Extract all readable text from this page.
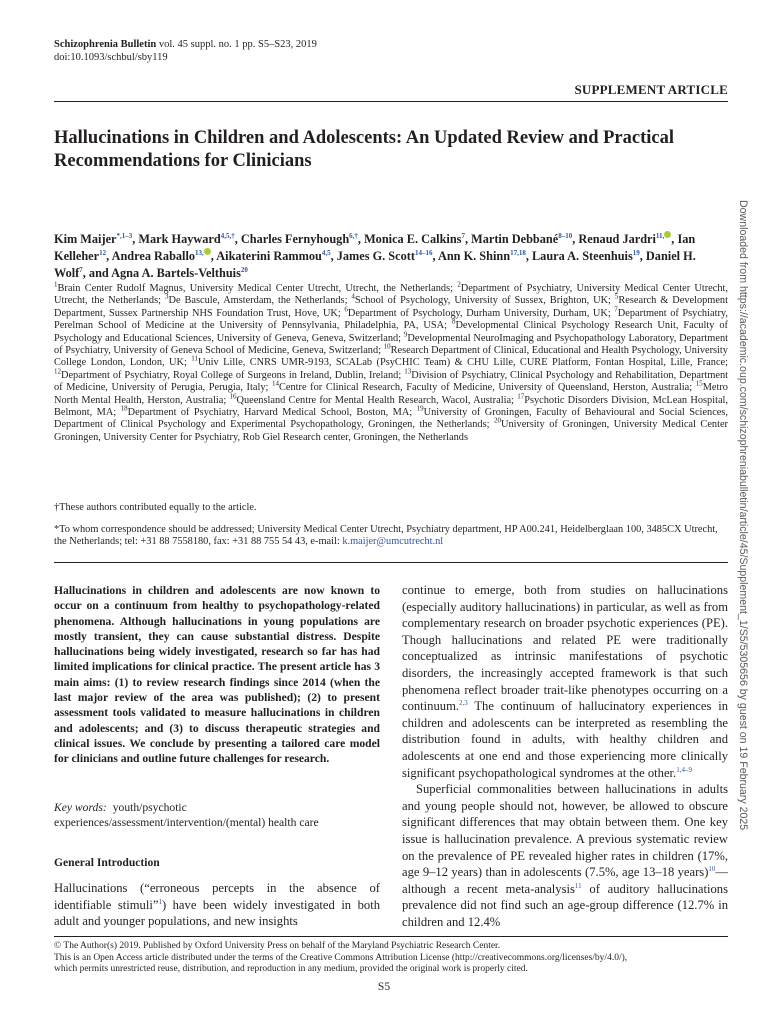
Schizophrenia Bulletin vol. 45 suppl. no. 1 pp. S5–S23, 2019
doi:10.1093/schbul/sby119
SUPPLEMENT ARTICLE
Hallucinations in Children and Adolescents: An Updated Review and Practical
Recommendations for Clinicians
Kim Maijer$^{*,1-3}$, Mark Hayward$^{4,5,\dagger}$, Charles Fernyhough$^{6,\dagger}$, Monica E. Calkins$^7$, Martin Debbané$^{8-10}$, Renaud Jardri$^{11,}$ , Ian Kelleher$^{12}$, Andrea Raballo$^{13,}$ , Aikaterini Rammou$^{4,5}$, James G. Scott$^{14-16}$, Ann K. Shinn$^{17,18}$, Laura A. Steenhuis$^{19}$, Daniel H. Wolf$^7$, and Agna A. Bartels-Velthuis$^{20}$
$^1$Brain Center Rudolf Magnus, University Medical Center Utrecht, Utrecht, the Netherlands; $^2$Department of Psychiatry, University Medical Center Utrecht, Utrecht, the Netherlands; $^3$De Bascule, Amsterdam, the Netherlands; $^4$School of Psychology, University of Sussex, Brighton, UK; $^5$Research & Development Department, Sussex Partnership NHS Foundation Trust, Hove, UK; $^6$Department of Psychology, Durham University, Durham, UK; $^7$Department of Psychiatry, Perelman School of Medicine at the University of Pennsylvania, Philadelphia, PA, USA; $^8$Developmental Clinical Psychology Research Unit, Faculty of Psychology and Educational Sciences, University of Geneva, Geneva, Switzerland; $^9$Developmental NeuroImaging and Psychopathology Laboratory, Department of Psychiatry, University of Geneva School of Medicine, Geneva, Switzerland; $^{10}$Research Department of Clinical, Educational and Health Psychology, University College London, London, UK; $^{11}$Univ Lille, CNRS UMR-9193, SCALab (PsyCHIC Team) & CHU Lille, CURE Platform, Fontan Hospital, Lille, France; $^{12}$Department of Psychiatry, Royal College of Surgeons in Ireland, Dublin, Ireland; $^{13}$Division of Psychiatry, Clinical Psychology and Rehabilitation, Department of Medicine, University of Perugia, Perugia, Italy; $^{14}$Centre for Clinical Research, Faculty of Medicine, University of Queensland, Herston, Australia; $^{15}$Metro North Mental Health, Herston, Australia; $^{16}$Queensland Centre for Mental Health Research, Wacol, Australia; $^{17}$Psychotic Disorders Division, McLean Hospital, Belmont, MA; $^{18}$Department of Psychiatry, Harvard Medical School, Boston, MA; $^{19}$University of Groningen, Faculty of Behavioural and Social Sciences, Department of Clinical Psychology and Experimental Psychopathology, Groningen, the Netherlands; $^{20}$University of Groningen, University Medical Center Groningen, University Center for Psychiatry, Rob Giel Research center, Groningen, the Netherlands
†These authors contributed equally to the article.
*To whom correspondence should be addressed; University Medical Center Utrecht, Psychiatry department, HP A00.241, Heidelberglaan 100, 3485CX Utrecht, the Netherlands; tel: +31 88 7558180, fax: +31 88 755 54 43, e-mail: k.maijer@umcutrecht.nl
Hallucinations in children and adolescents are now known to occur on a continuum from healthy to psychopathology-related phenomena. Although hallucinations in young populations are mostly transient, they can cause substantial distress. Despite hallucinations being widely investigated, research so far has had limited implications for clinical practice. The present article has 3 main aims: (1) to review research findings since 2014 (when the last major review of the area was published); (2) to present assessment tools validated to measure hallucinations in children and adolescents; and (3) to discuss therapeutic strategies and clinical issues. We conclude by presenting a tailored care model for clinicians and outline future challenges for research.
Key words: youth/psychotic experiences/assessment/intervention/(mental) health care
General Introduction
Hallucinations (“erroneous percepts in the absence of identifiable stimuli”$^1$) have been widely investigated in both adult and younger populations, and new insights

continue to emerge, both from studies on hallucinations (especially auditory hallucinations) in particular, as well as from complementary research on broader psychotic experiences (PE). Though hallucinations and related PE were traditionally conceptualized as intrinsic manifestations of psychotic disorders, the increasingly accepted framework is that such phenomena reflect broader trait-like phenotypes occurring on a continuum.$^{2,3}$ The continuum of hallucinatory experiences in children and adolescents can be interpreted as resembling the distribution found in adults, with healthy children and adolescents at one end and those experiencing more clinically significant psychopathological syndromes at the other.$^{1,4-9}$

Superficial commonalities between hallucinations in adults and young people should not, however, be allowed to obscure significant differences that may obtain between them. One key issue is hallucination prevalence. A previous systematic review on the prevalence of PE revealed higher rates in children (17%, age 9–12 years) than in adolescents (7.5%, age 13–18 years)$^{10}$—although a recent meta-analysis$^{11}$ of auditory hallucinations prevalence did not find such an age-group difference (12.7% in children and 12.4%

© The Author(s) 2019. Published by Oxford University Press on behalf of the Maryland Psychiatric Research Center.
This is an Open Access article distributed under the terms of the Creative Commons Attribution License (http://creativecommons.org/licenses/by/4.0/),
which permits unrestricted reuse, distribution, and reproduction in any medium, provided the original work is properly cited.
S5
Downloaded from https://academic.oup.com/schizophreniabulletin/article/45/Supplement_1/S5/5305656 by guest on 19 February 2025
